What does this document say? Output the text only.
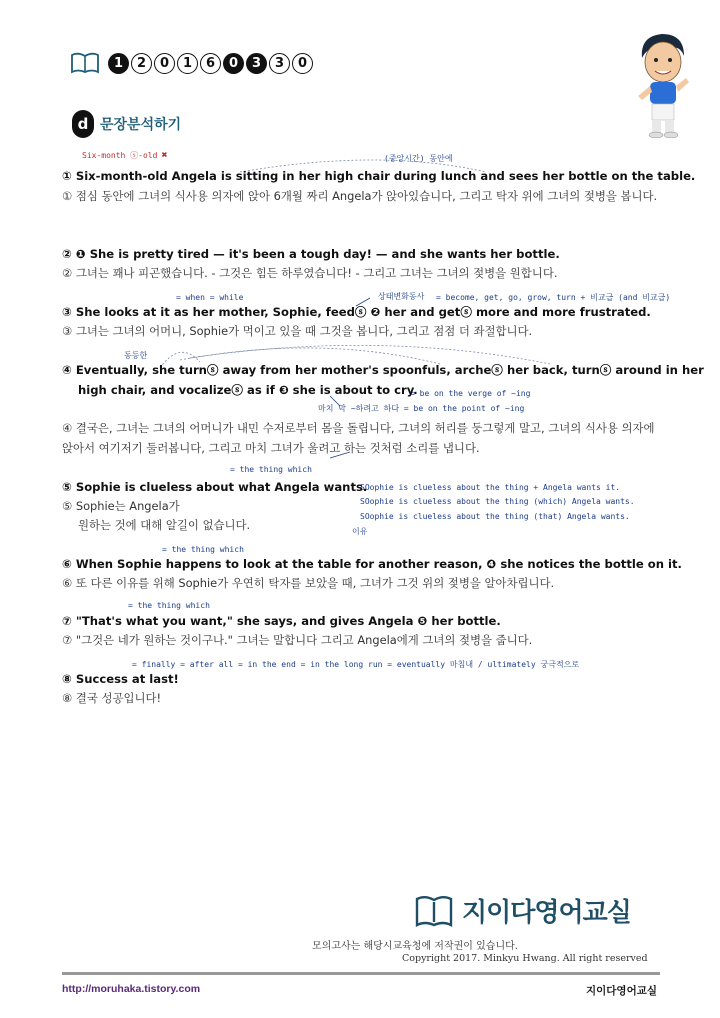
1	2	0	1	6	0	3	3	0
d 문장분석하기
Six-month ⓢ-old ✖	(중앙시간) 동안에
= when = while	상태변화동사 = become, get, go, grow, turn + 비교급 (and 비교급)
동등한
= be on the verge of ~ing
마치 막 ~하려고 하다 = be on the point of ~ing
= the thing which
SOophie is clueless about the thing + Angela wants it.
SOophie is clueless about the thing (which) Angela wants.
SOophie is clueless about the thing (that) Angela wants.
이유
= the thing which
= the thing which
= finally = after all = in the end = in the long run = eventually 마침내 / ultimately 궁극적으로
① Six-month-old Angela is sitting in her high chair during lunch and sees her bottle on the table.
① 점심 동안에 그녀의 식사용 의자에 앉아 6개월 짜리 Angela가 앉아있습니다, 그리고 탁자 위에 그녀의 젖병을 봅니다.
② ❶ She is pretty tired — it's been a tough day! — and she wants her bottle.
② 그녀는 꽤나 피곤했습니다. - 그것은 힘든 하루였습니다! - 그리고 그녀는 그녀의 젖병을 원합니다.
③ She looks at it as her mother, Sophie, feedⓢ ❷ her and getⓢ more and more frustrated.
③ 그녀는 그녀의 어머니, Sophie가 먹이고 있을 때 그것을 봅니다, 그리고 점점 더 좌절합니다.
④ Eventually, she turnⓢ away from her mother's spoonfuls, archeⓢ her back, turnⓢ around in her
high chair, and vocalizeⓢ as if ❸ she is about to cry.
④ 결국은, 그녀는 그녀의 어머니가 내민 수저로부터 몸을 돌립니다, 그녀의 허리를 둥그렇게 말고, 그녀의 식사용 의자에 앉아서 여기저기 둘러봅니다, 그리고 마치 그녀가 울려고 하는 것처럼 소리를 냅니다.
⑤ Sophie is clueless about what Angela wants.
⑤ Sophie는 Angela가
원하는 것에 대해 알길이 없습니다.
⑥ When Sophie happens to look at the table for another reason, ❹ she notices the bottle on it.
⑥ 또 다른 이유를 위해 Sophie가 우연히 탁자를 보았을 때, 그녀가 그것 위의 젖병을 알아차립니다.
⑦ "That's what you want," she says, and gives Angela ❺ her bottle.
⑦ "그것은 네가 원하는 것이구나." 그녀는 말합니다 그리고 Angela에게 그녀의 젖병을 줍니다.
⑧ Success at last!
⑧ 결국 성공입니다!
지이다영어교실
모의고사는 해당시교육청에 저작권이 있습니다.
Copyright 2017. Minkyu Hwang. All right reserved
http://moruhaka.tistory.com	지이다영어교실
